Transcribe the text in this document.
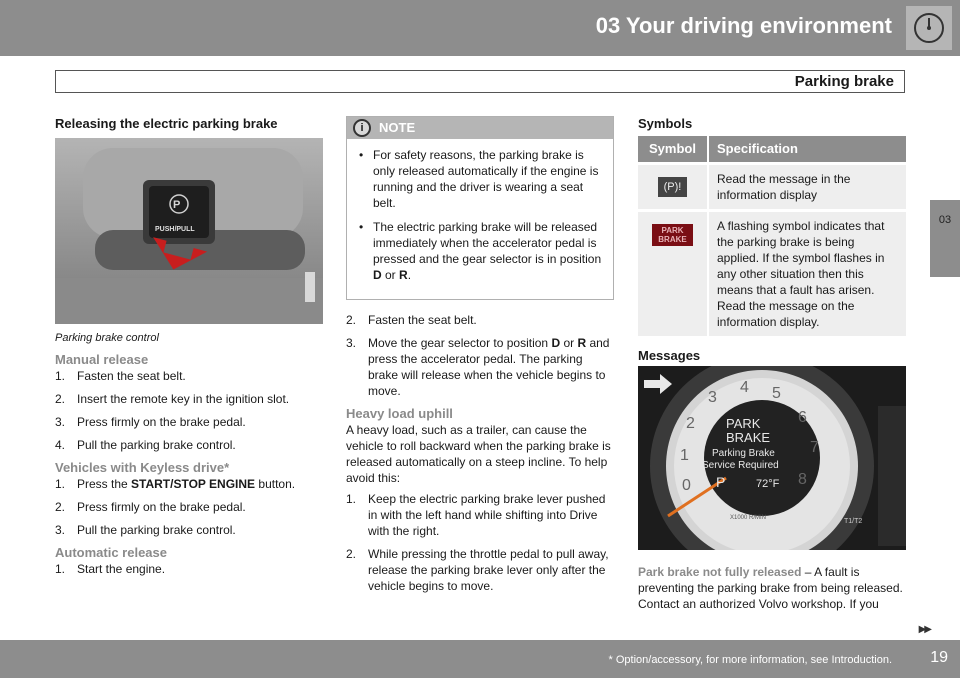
03 Your driving environment
Parking brake
03
Releasing the electric parking brake
P
PUSH/PULL
Parking brake control
Manual release
1. Fasten the seat belt.
2. Insert the remote key in the ignition slot.
3. Press firmly on the brake pedal.
4. Pull the parking brake control.
Vehicles with Keyless drive*
1. Press the START/STOP ENGINE button.
2. Press firmly on the brake pedal.
3. Pull the parking brake control.
Automatic release
1. Start the engine.
i	NOTE
• For safety reasons, the parking brake is only released automatically if the engine is running and the driver is wearing a seat belt.
• The electric parking brake will be released immediately when the accelerator pedal is pressed and the gear selector is in position D or R.
2. Fasten the seat belt.
3. Move the gear selector to position D or R and press the accelerator pedal. The parking brake will release when the vehicle begins to move.
Heavy load uphill
A heavy load, such as a trailer, can cause the vehicle to roll backward when the parking brake is released automatically on a steep incline. To help avoid this:
1. Keep the electric parking brake lever pushed in with the left hand while shifting into Drive with the right.
2. While pressing the throttle pedal to pull away, release the parking brake lever only after the vehicle begins to move.
Symbols
Symbol	Specification
(P)!	Read the message in the information display
PARK
BRAKE	A flashing symbol indicates that the parking brake is being applied. If the symbol flashes in any other situation then this means that a fault has arisen. Read the message on the information display.
Messages
1
2
3
4 5
6
7
8
0
PARK
BRAKE
Parking Brake
Service Required
P	72°F
X1000 R/MIN	T1/T2
Park brake not fully released – A fault is preventing the parking brake from being released. Contact an authorized Volvo workshop. If you
▶▶
* Option/accessory, for more information, see Introduction. 19
